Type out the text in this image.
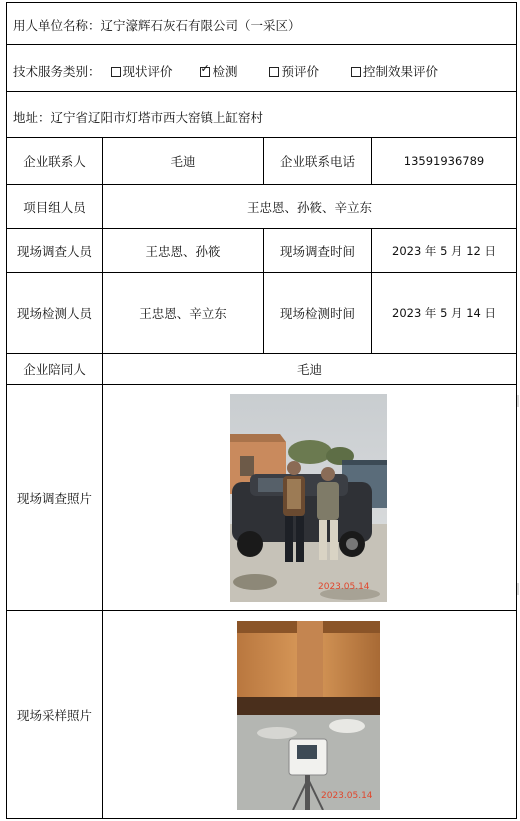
用人单位名称：辽宁濠辉石灰石有限公司（一采区）
技术服务类别： 现状评价  ✓	检测	预评价	控制效果评价
地址：辽宁省辽阳市灯塔市西大窑镇上缸窑村
企业联系人	毛迪	企业联系电话	13591936789
项目组人员	王忠恩、孙筱、辛立东
现场调查人员	王忠恩、孙筱	现场调查时间	2023 年 5 月 12 日
现场检测人员	王忠恩、辛立东	现场检测时间	2023 年 5 月 14 日
企业陪同人	毛迪
现场调查照片
2023.05.14
现场采样照片
2023.05.14
